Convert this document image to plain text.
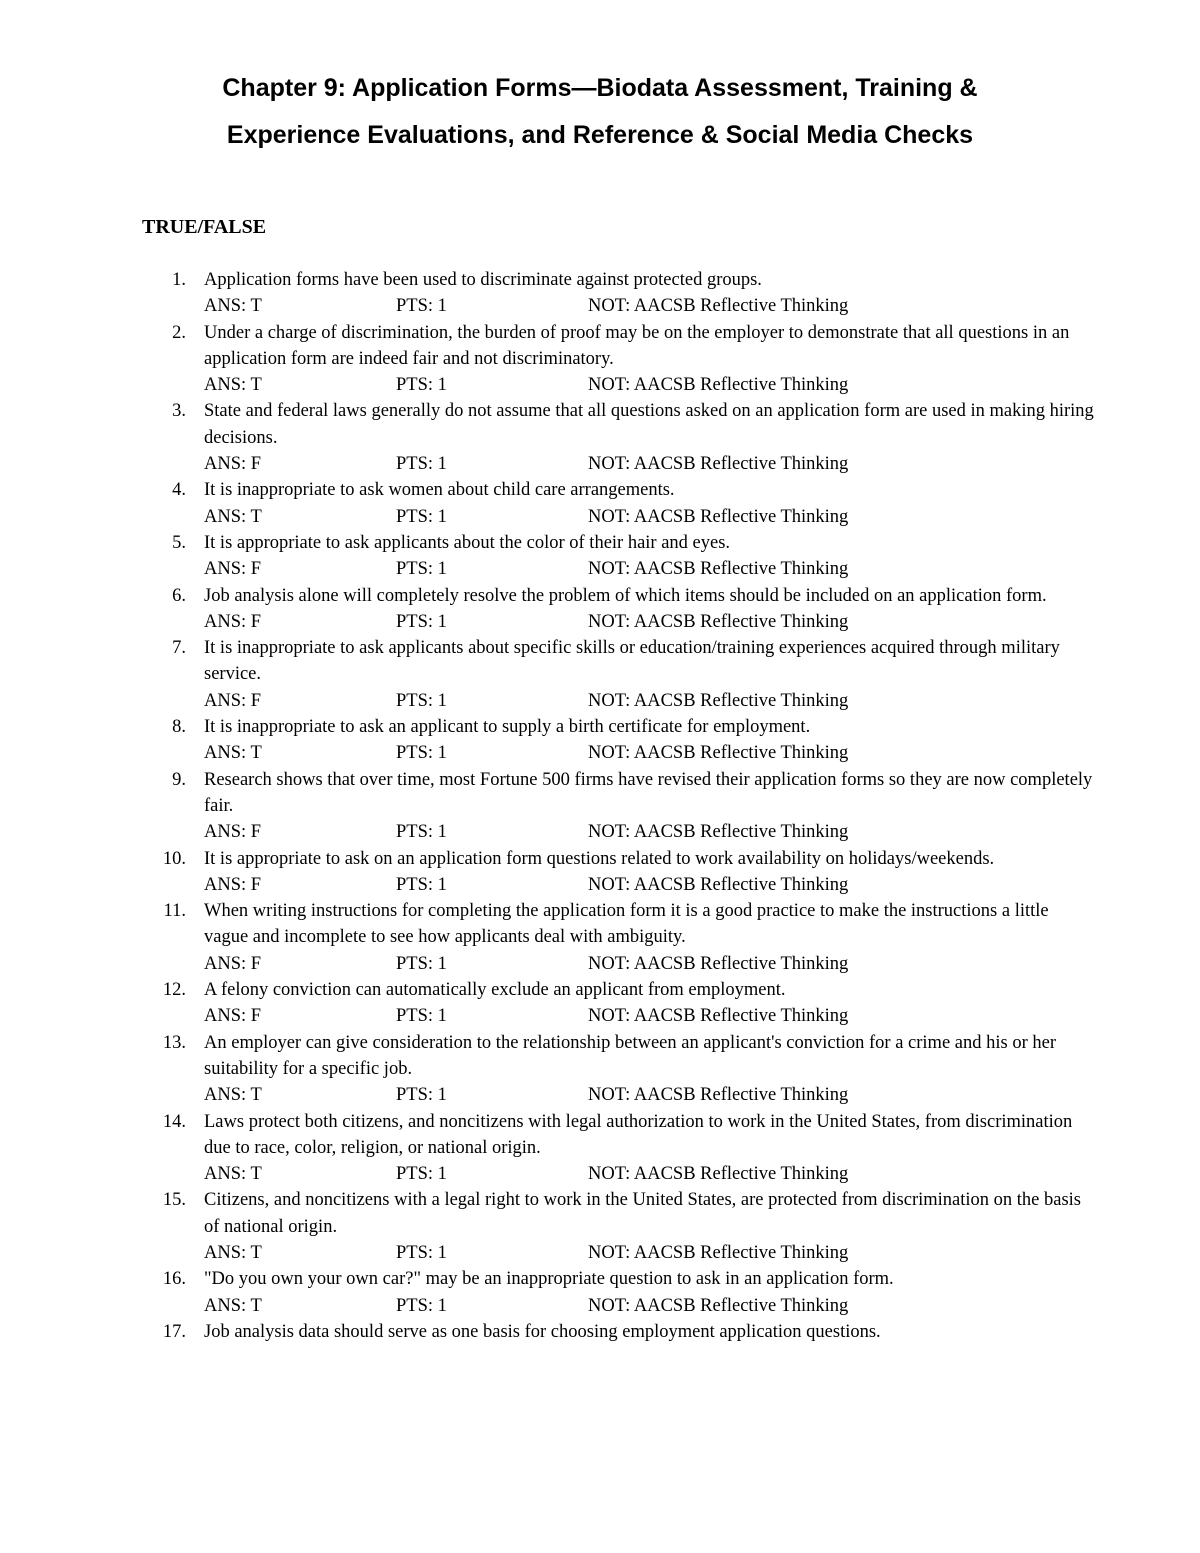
Chapter 9: Application Forms—Biodata Assessment, Training &
Experience Evaluations, and Reference & Social Media Checks
TRUE/FALSE
1. Application forms have been used to discriminate against protected groups.
ANS: T	PTS: 1	NOT: AACSB Reflective Thinking
2. Under a charge of discrimination, the burden of proof may be on the employer to demonstrate that all questions in an application form are indeed fair and not discriminatory.
ANS: T	PTS: 1	NOT: AACSB Reflective Thinking
3. State and federal laws generally do not assume that all questions asked on an application form are used in making hiring decisions.
ANS: F	PTS: 1	NOT: AACSB Reflective Thinking
4. It is inappropriate to ask women about child care arrangements.
ANS: T	PTS: 1	NOT: AACSB Reflective Thinking
5. It is appropriate to ask applicants about the color of their hair and eyes.
ANS: F	PTS: 1	NOT: AACSB Reflective Thinking
6. Job analysis alone will completely resolve the problem of which items should be included on an application form.
ANS: F	PTS: 1	NOT: AACSB Reflective Thinking
7. It is inappropriate to ask applicants about specific skills or education/training experiences acquired through military service.
ANS: F	PTS: 1	NOT: AACSB Reflective Thinking
8. It is inappropriate to ask an applicant to supply a birth certificate for employment.
ANS: T	PTS: 1	NOT: AACSB Reflective Thinking
9. Research shows that over time, most Fortune 500 firms have revised their application forms so they are now completely fair.
ANS: F	PTS: 1	NOT: AACSB Reflective Thinking
10. It is appropriate to ask on an application form questions related to work availability on holidays/weekends.
ANS: F	PTS: 1	NOT: AACSB Reflective Thinking
11. When writing instructions for completing the application form it is a good practice to make the instructions a little vague and incomplete to see how applicants deal with ambiguity.
ANS: F	PTS: 1	NOT: AACSB Reflective Thinking
12. A felony conviction can automatically exclude an applicant from employment.
ANS: F	PTS: 1	NOT: AACSB Reflective Thinking
13. An employer can give consideration to the relationship between an applicant's conviction for a crime and his or her suitability for a specific job.
ANS: T	PTS: 1	NOT: AACSB Reflective Thinking
14. Laws protect both citizens, and noncitizens with legal authorization to work in the United States, from discrimination due to race, color, religion, or national origin.
ANS: T	PTS: 1	NOT: AACSB Reflective Thinking
15. Citizens, and noncitizens with a legal right to work in the United States, are protected from discrimination on the basis of national origin.
ANS: T	PTS: 1	NOT: AACSB Reflective Thinking
16. "Do you own your own car?" may be an inappropriate question to ask in an application form.
ANS: T	PTS: 1	NOT: AACSB Reflective Thinking
17. Job analysis data should serve as one basis for choosing employment application questions.
